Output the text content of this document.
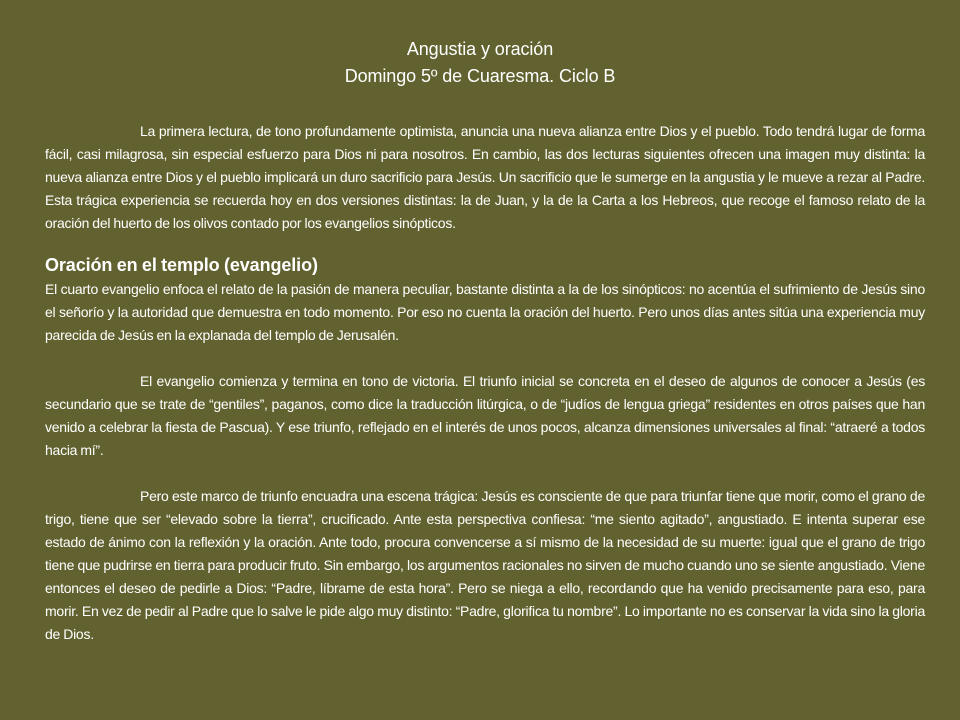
Angustia y oración
Domingo 5º de Cuaresma. Ciclo B

La primera lectura, de tono profundamente optimista, anuncia una nueva alianza entre Dios y el pueblo. Todo tendrá lugar de forma fácil, casi milagrosa, sin especial esfuerzo para Dios ni para nosotros. En cambio, las dos lecturas siguientes ofrecen una imagen muy distinta: la nueva alianza entre Dios y el pueblo implicará un duro sacrificio para Jesús. Un sacrificio que le sumerge en la angustia y le mueve a rezar al Padre. Esta trágica experiencia se recuerda hoy en dos versiones distintas: la de Juan, y la de la Carta a los Hebreos, que recoge el famoso relato de la oración del huerto de los olivos contado por los evangelios sinópticos.

Oración en el templo (evangelio)

El cuarto evangelio enfoca el relato de la pasión de manera peculiar, bastante distinta a la de los sinópticos: no acentúa el sufrimiento de Jesús sino el señorío y la autoridad que demuestra en todo momento. Por eso no cuenta la oración del huerto. Pero unos días antes sitúa una experiencia muy parecida de Jesús en la explanada del templo de Jerusalén.

El evangelio comienza y termina en tono de victoria. El triunfo inicial se concreta en el deseo de algunos de conocer a Jesús (es secundario que se trate de “gentiles”, paganos, como dice la traducción litúrgica, o de “judíos de lengua griega” residentes en otros países que han venido a celebrar la fiesta de Pascua). Y ese triunfo, reflejado en el interés de unos pocos, alcanza dimensiones universales al final: “atraeré a todos hacia mí”.

Pero este marco de triunfo encuadra una escena trágica: Jesús es consciente de que para triunfar tiene que morir, como el grano de trigo, tiene que ser “elevado sobre la tierra”, crucificado. Ante esta perspectiva confiesa: “me siento agitado”, angustiado. E intenta superar ese estado de ánimo con la reflexión y la oración. Ante todo, procura convencerse a sí mismo de la necesidad de su muerte: igual que el grano de trigo tiene que pudrirse en tierra para producir fruto. Sin embargo, los argumentos racionales no sirven de mucho cuando uno se siente angustiado. Viene entonces el deseo de pedirle a Dios: “Padre, líbrame de esta hora”. Pero se niega a ello, recordando que ha venido precisamente para eso, para morir. En vez de pedir al Padre que lo salve le pide algo muy distinto: “Padre, glorifica tu nombre”. Lo importante no es conservar la vida sino la gloria de Dios.
